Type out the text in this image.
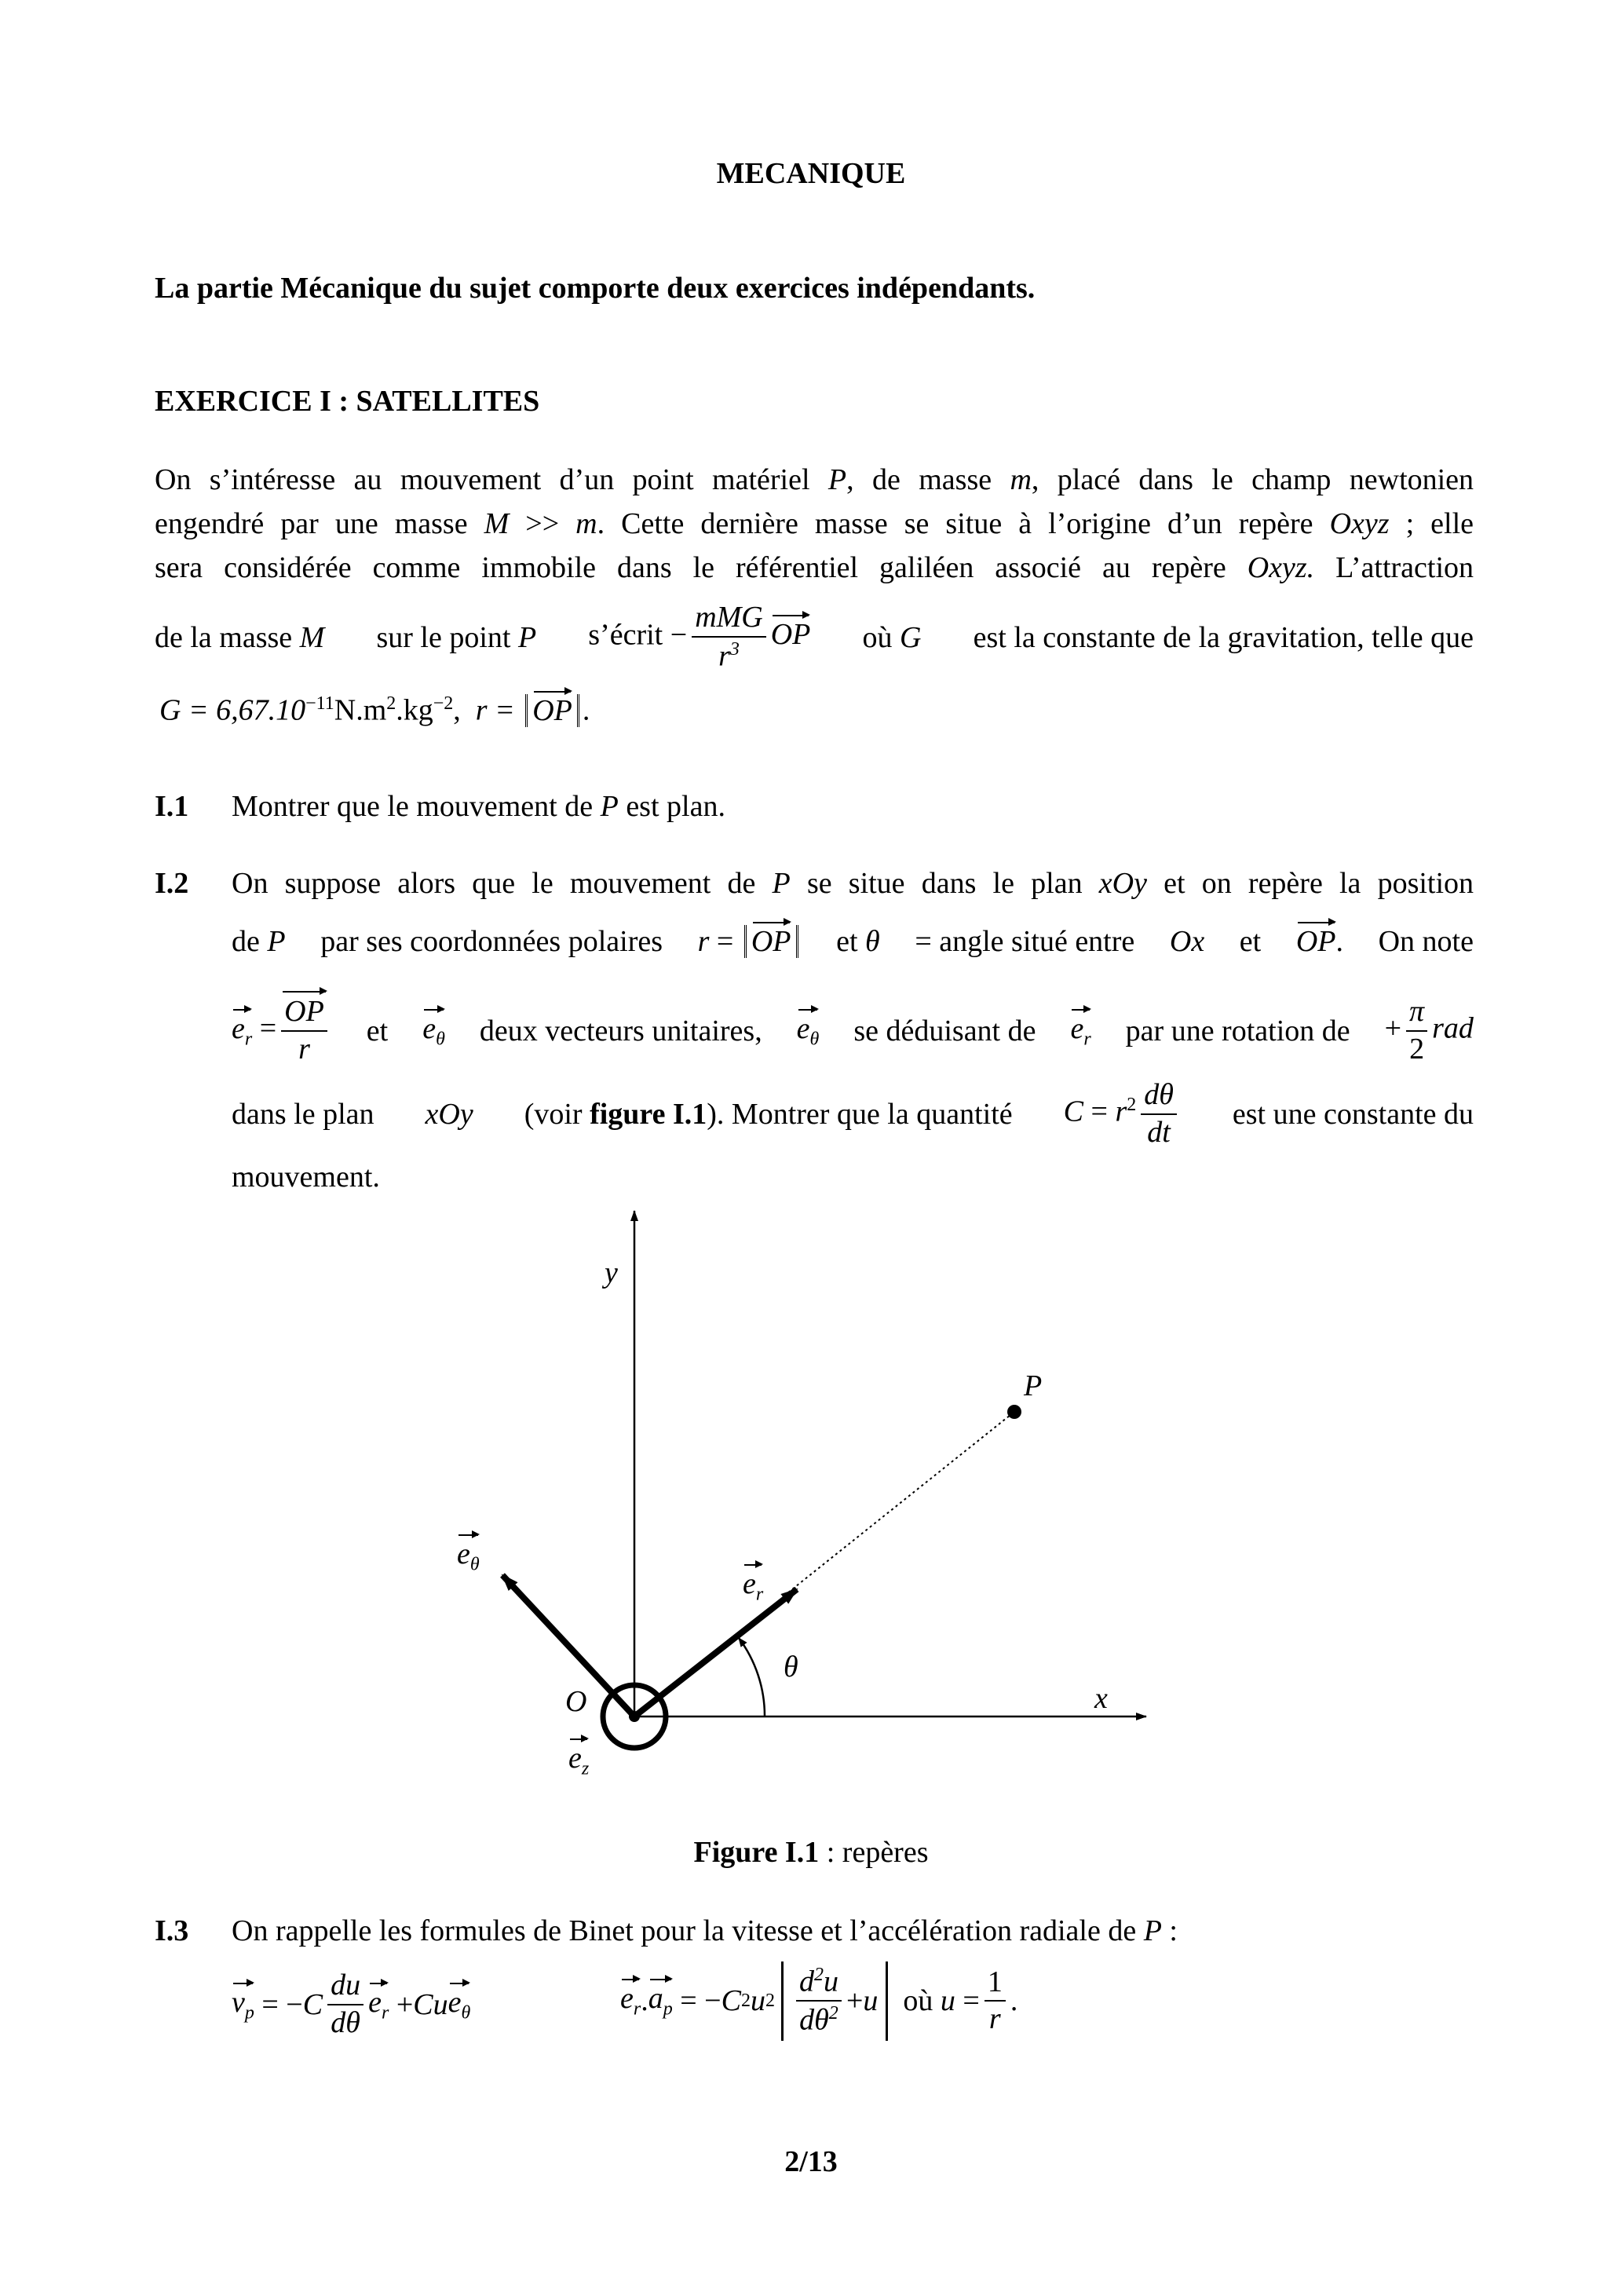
MECANIQUE
La partie Mécanique du sujet comporte deux exercices indépendants.
EXERCICE I : SATELLITES
On s’intéresse au mouvement d’un point matériel P, de masse m, placé dans le champ newtonien
engendré par une masse M >> m. Cette dernière masse se situe à l’origine d’un repère Oxyz ; elle
sera considérée comme immobile dans le référentiel galiléen associé au repère Oxyz. L’attraction
de la masse M sur le point P s’écrit − $\frac{\text{mMG}}{r^3}$ OP où G est la constante de la gravitation, telle que
$G = 6,67.10^{-11}N.m^2.kg^{-2}$,  r = OP .
I.1 Montrer que le mouvement de P est plan.
I.2 On suppose alors que le mouvement de P se situe dans le plan xOy et on repère la position
de P par ses coordonnées polaires r = OP	et θ = angle situé entre Ox et OP. On note
$e_r = \frac{OP}{r}$ et $e_\theta$ deux vecteurs unitaires, $e_\theta$ se déduisant de $e_r$ par une rotation de + $\frac{\pi}{2}$ rad
dans le plan xOy (voir figure I.1). Montrer que la quantité $C = r^2 \frac{d\theta}{dt}$ est une constante du
mouvement.
y
x
P
O
θ
$e_r$
$e_\theta$
$e_z$
Figure I.1 : repères
I.3 On rappelle les formules de Binet pour la vitesse et l’accélération radiale de P :
$v_p$ = − C $\frac{du}{d\theta} e_r + Cu$ $e_\theta$	$e_r$ . $a_p$ = − C 2 u $2 \frac{d^2u}{d\theta^2} + u$
où
$u = \frac{1}{r}$ .
2/13
